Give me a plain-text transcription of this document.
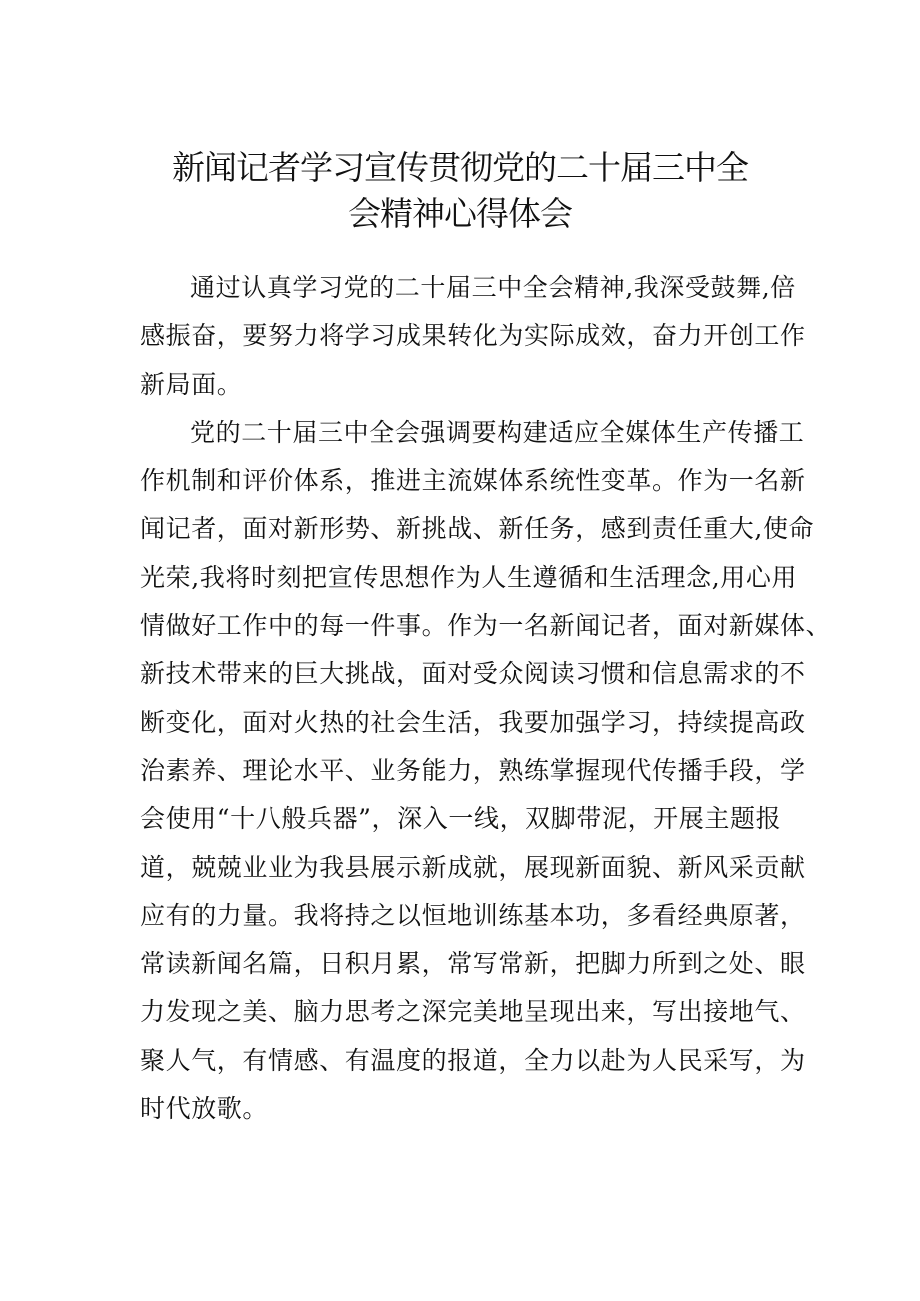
新闻记者学习宣传贯彻党的二十届三中全
会精神心得体会

通过认真学习党的二十届三中全会精神,我深受鼓舞,倍
感振奋，要努力将学习成果转化为实际成效，奋力开创工作
新局面。

党的二十届三中全会强调要构建适应全媒体生产传播工
作机制和评价体系，推进主流媒体系统性变革。作为一名新
闻记者，面对新形势、新挑战、新任务，感到责任重大,使命
光荣,我将时刻把宣传思想作为人生遵循和生活理念,用心用
情做好工作中的每一件事。作为一名新闻记者，面对新媒体、
新技术带来的巨大挑战，面对受众阅读习惯和信息需求的不
断变化，面对火热的社会生活，我要加强学习，持续提高政
治素养、理论水平、业务能力，熟练掌握现代传播手段，学
会使用“十八般兵器”，深入一线，双脚带泥，开展主题报
道，兢兢业业为我县展示新成就，展现新面貌、新风采贡献
应有的力量。我将持之以恒地训练基本功，多看经典原著，
常读新闻名篇，日积月累，常写常新，把脚力所到之处、眼
力发现之美、脑力思考之深完美地呈现出来，写出接地气、
聚人气，有情感、有温度的报道，全力以赴为人民采写，为
时代放歌。
